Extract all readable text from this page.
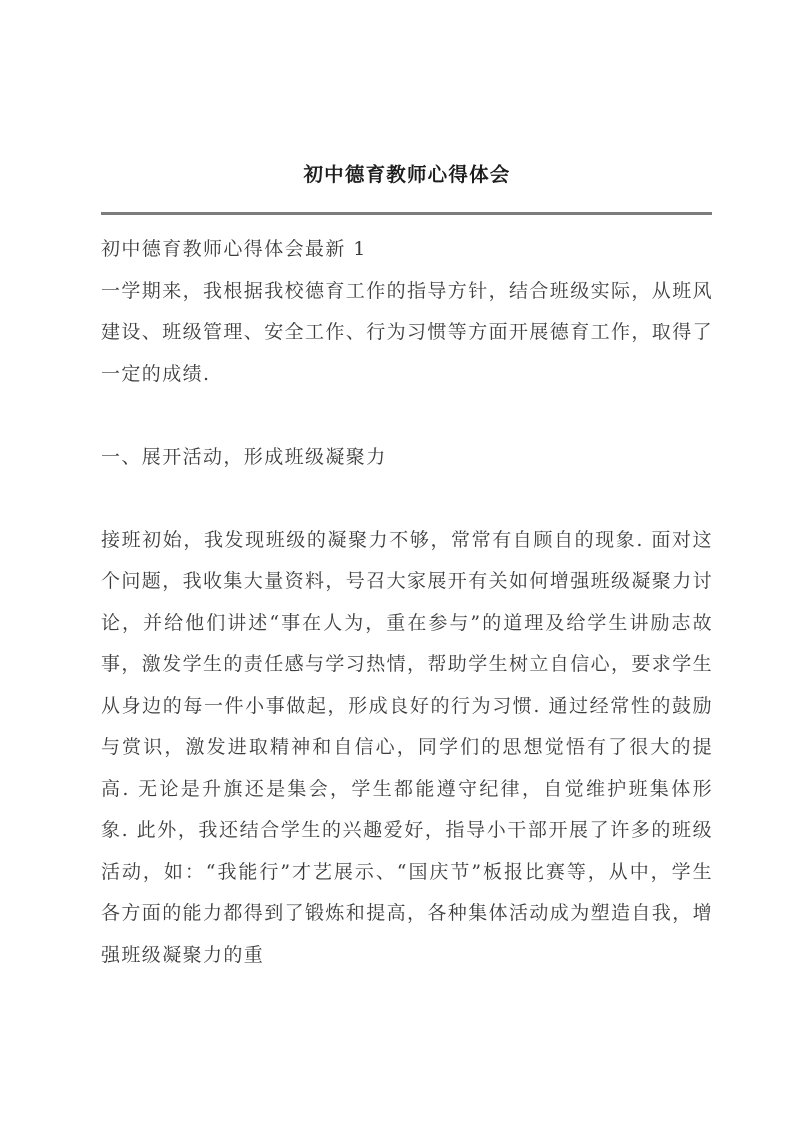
初中德育教师心得体会

初中德育教师心得体会最新 1

一学期来，我根据我校德育工作的指导方针，结合班级实际，从班风建设、班级管理、安全工作、行为习惯等方面开展德育工作，取得了一定的成绩.

一、展开活动，形成班级凝聚力

接班初始，我发现班级的凝聚力不够，常常有自顾自的现象. 面对这个问题，我收集大量资料，号召大家展开有关如何增强班级凝聚力讨论，并给他们讲述“事在人为，重在参与”的道理及给学生讲励志故事，激发学生的责任感与学习热情，帮助学生树立自信心，要求学生从身边的每一件小事做起，形成良好的行为习惯. 通过经常性的鼓励与赏识，激发进取精神和自信心，同学们的思想觉悟有了很大的提高. 无论是升旗还是集会，学生都能遵守纪律，自觉维护班集体形象. 此外，我还结合学生的兴趣爱好，指导小干部开展了许多的班级活动，如：“我能行”才艺展示、“国庆节”板报比赛等，从中，学生各方面的能力都得到了锻炼和提高，各种集体活动成为塑造自我，增强班级凝聚力的重
